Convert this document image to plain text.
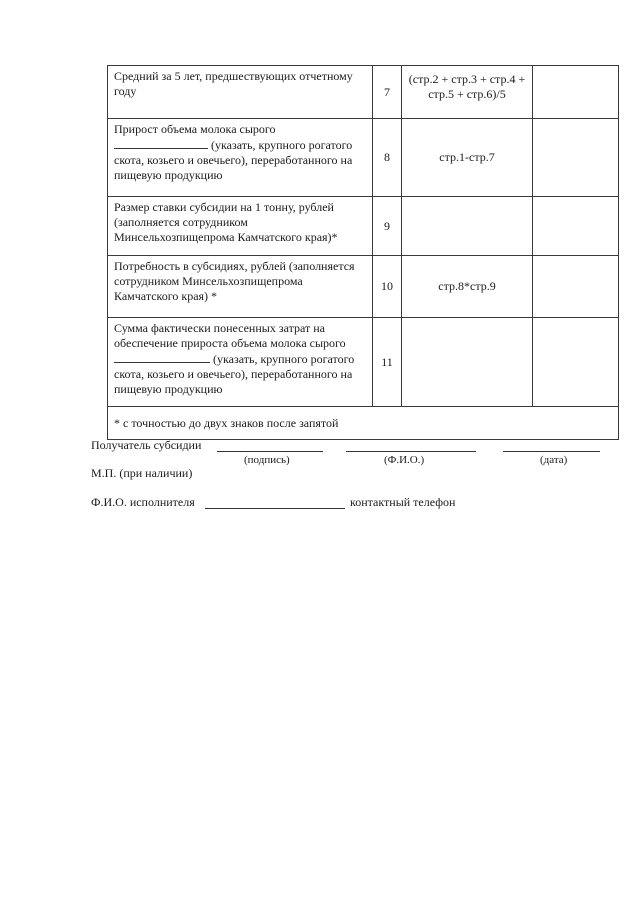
Средний за 5 лет, предшествующих отчетному году	7	(стр.2 + стр.3 + стр.4 + стр.5 + стр.6)/5	
Прирост объема молока сырого
(указать, крупного рогатого скота, козьего и овечьего), переработанного на пищевую продукцию	8	стр.1-стр.7	
Размер ставки субсидии на 1 тонну, рублей (заполняется сотрудником Минсельхозпищепрома Камчатского края)*	9		
Потребность в субсидиях, рублей (заполняется сотрудником Минсельхозпищепрома Камчатского края) *	10	стр.8*стр.9	
Сумма фактически понесенных затрат на обеспечение прироста объема молока сырого  (указать, крупного рогатого скота, козьего и овечьего), переработанного на пищевую продукцию	11		
* с точностью до двух знаков после запятой			
Получатель субсидии
(подпись)	(Ф.И.О.)	(дата)
М.П. (при наличии)
Ф.И.О. исполнителя	контактный телефон
